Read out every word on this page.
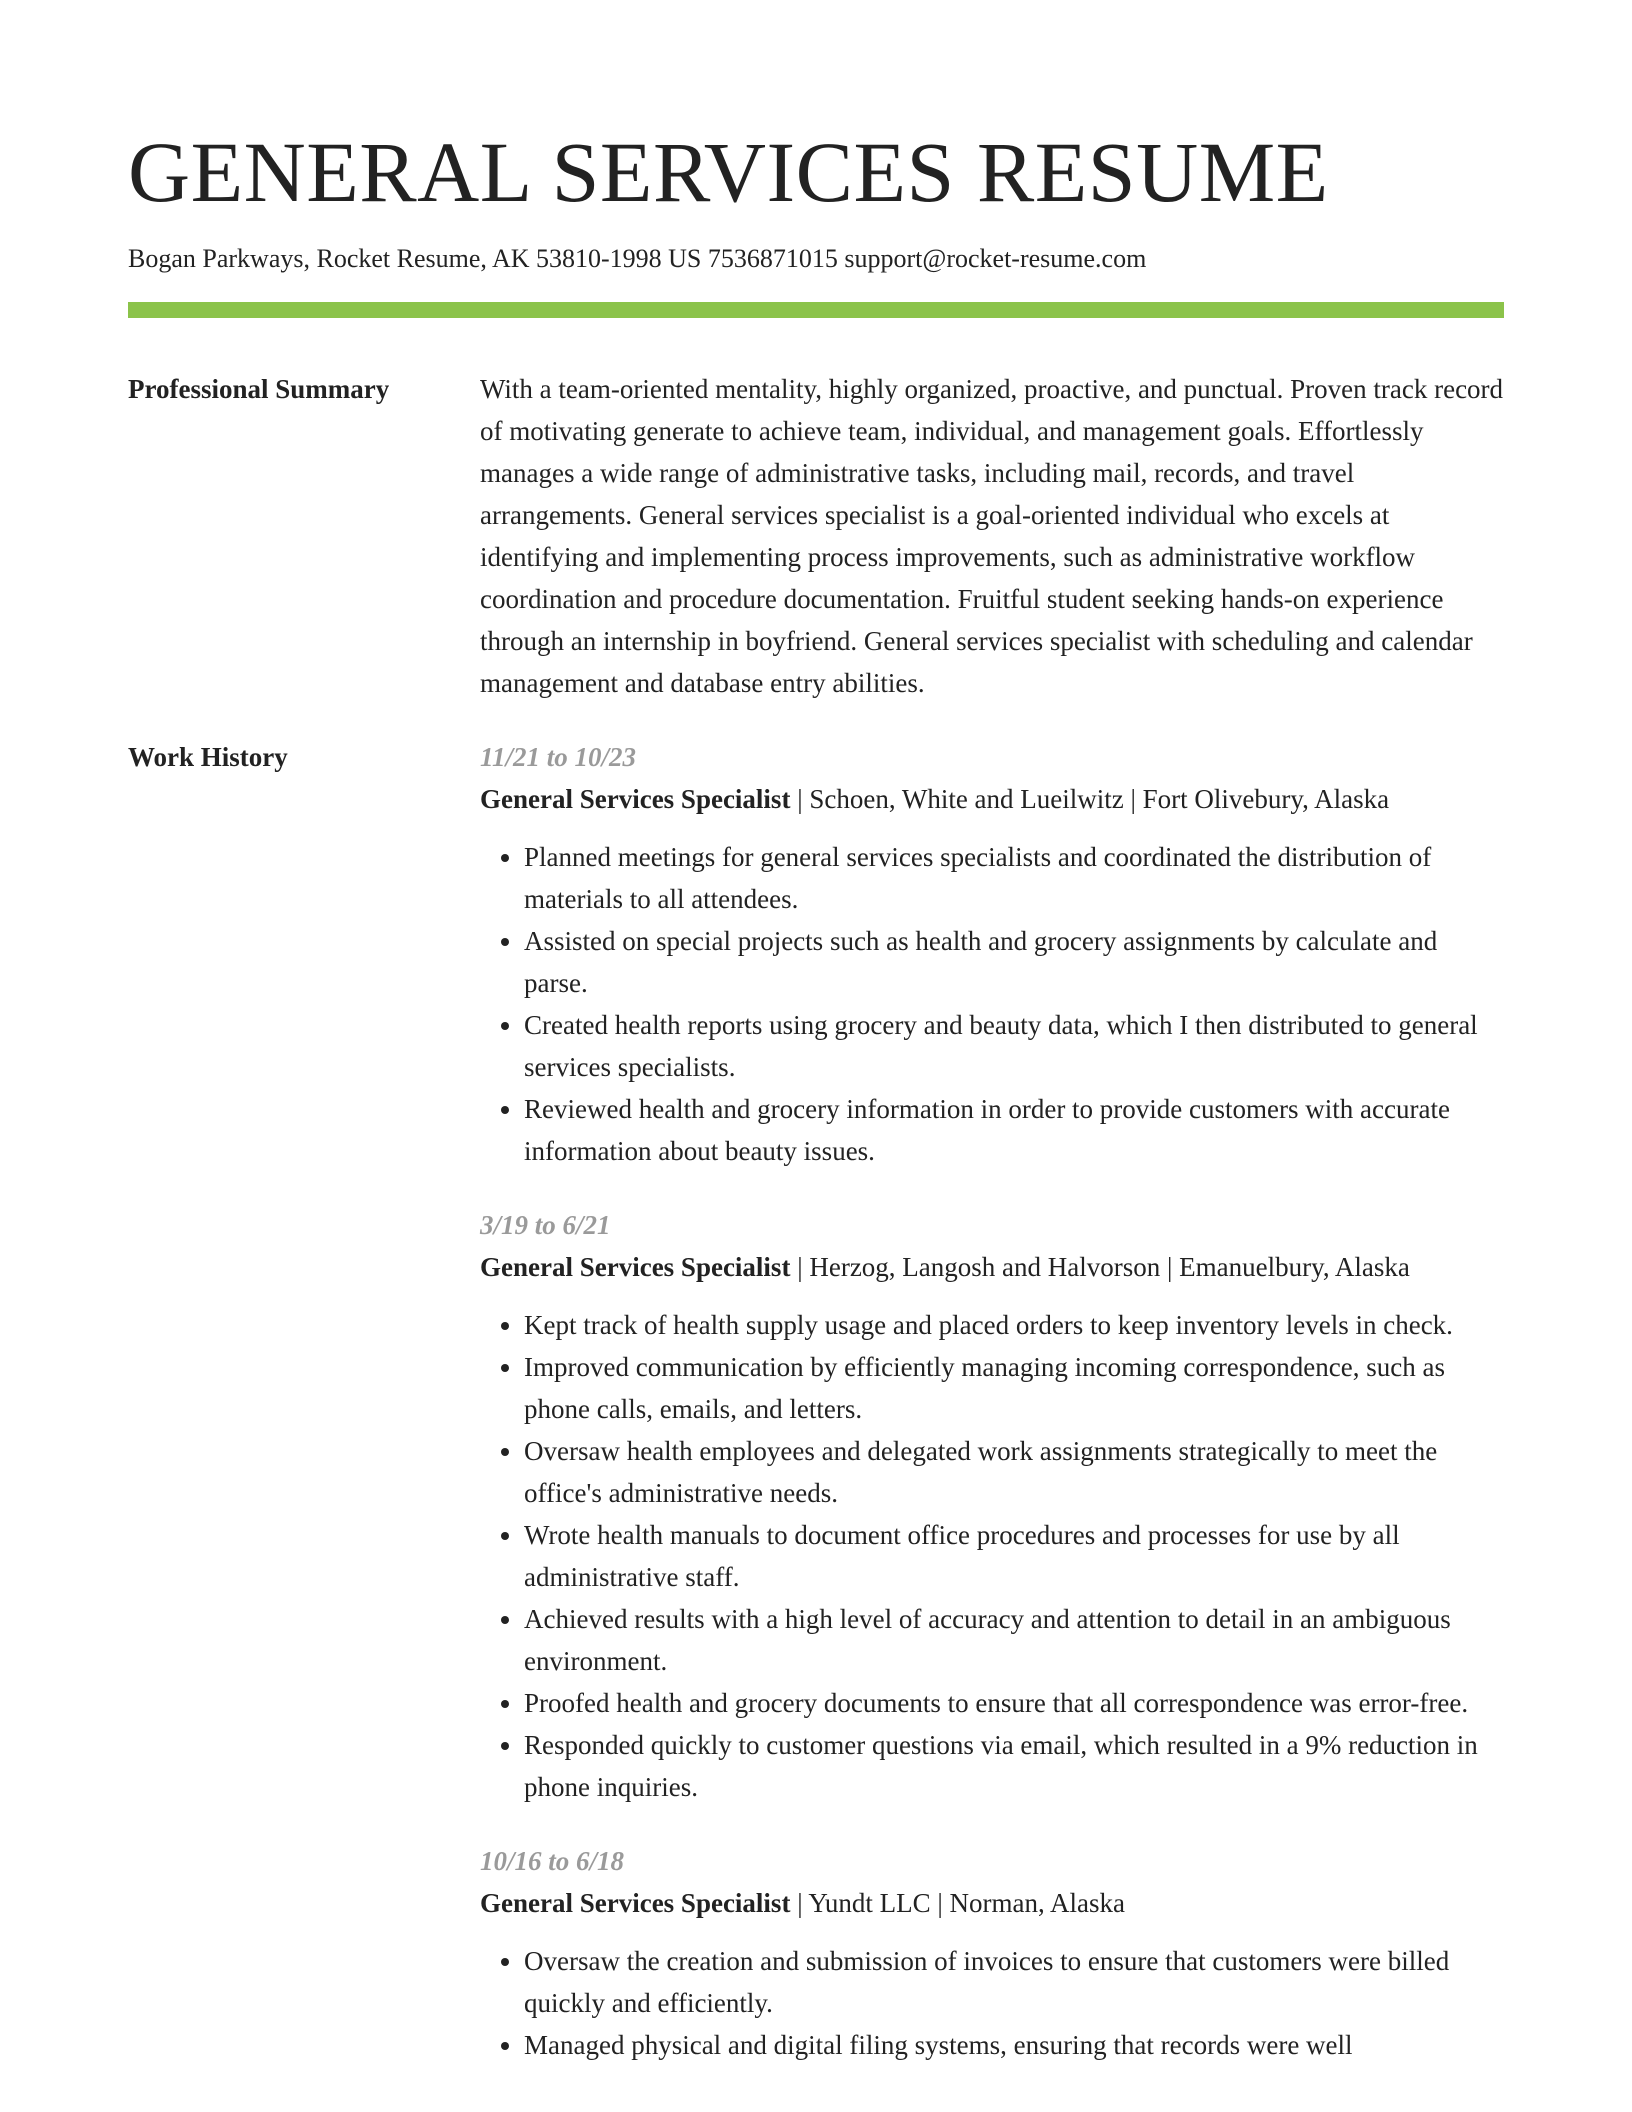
GENERAL SERVICES RESUME
Bogan Parkways, Rocket Resume, AK 53810-1998 US 7536871015 support@rocket-resume.com
Professional Summary	With a team-oriented mentality, highly organized, proactive, and punctual. Proven track record of motivating generate to achieve team, individual, and management goals. Effortlessly manages a wide range of administrative tasks, including mail, records, and travel arrangements. General services specialist is a goal-oriented individual who excels at identifying and implementing process improvements, such as administrative workflow coordination and procedure documentation. Fruitful student seeking hands-on experience through an internship in boyfriend. General services specialist with scheduling and calendar management and database entry abilities.

Work History	11/21 to 10/23
General Services Specialist | Schoen, White and Lueilwitz | Fort Olivebury, Alaska
• Planned meetings for general services specialists and coordinated the distribution of materials to all attendees.
• Assisted on special projects such as health and grocery assignments by calculate and parse.
• Created health reports using grocery and beauty data, which I then distributed to general services specialists.
• Reviewed health and grocery information in order to provide customers with accurate information about beauty issues.
3/19 to 6/21
General Services Specialist | Herzog, Langosh and Halvorson | Emanuelbury, Alaska
• Kept track of health supply usage and placed orders to keep inventory levels in check.
• Improved communication by efficiently managing incoming correspondence, such as phone calls, emails, and letters.
• Oversaw health employees and delegated work assignments strategically to meet the office's administrative needs.
• Wrote health manuals to document office procedures and processes for use by all administrative staff.
• Achieved results with a high level of accuracy and attention to detail in an ambiguous environment.
• Proofed health and grocery documents to ensure that all correspondence was error-free.
• Responded quickly to customer questions via email, which resulted in a 9% reduction in phone inquiries.
10/16 to 6/18
General Services Specialist | Yundt LLC | Norman, Alaska
• Oversaw the creation and submission of invoices to ensure that customers were billed quickly and efficiently.
• Managed physical and digital filing systems, ensuring that records were well
